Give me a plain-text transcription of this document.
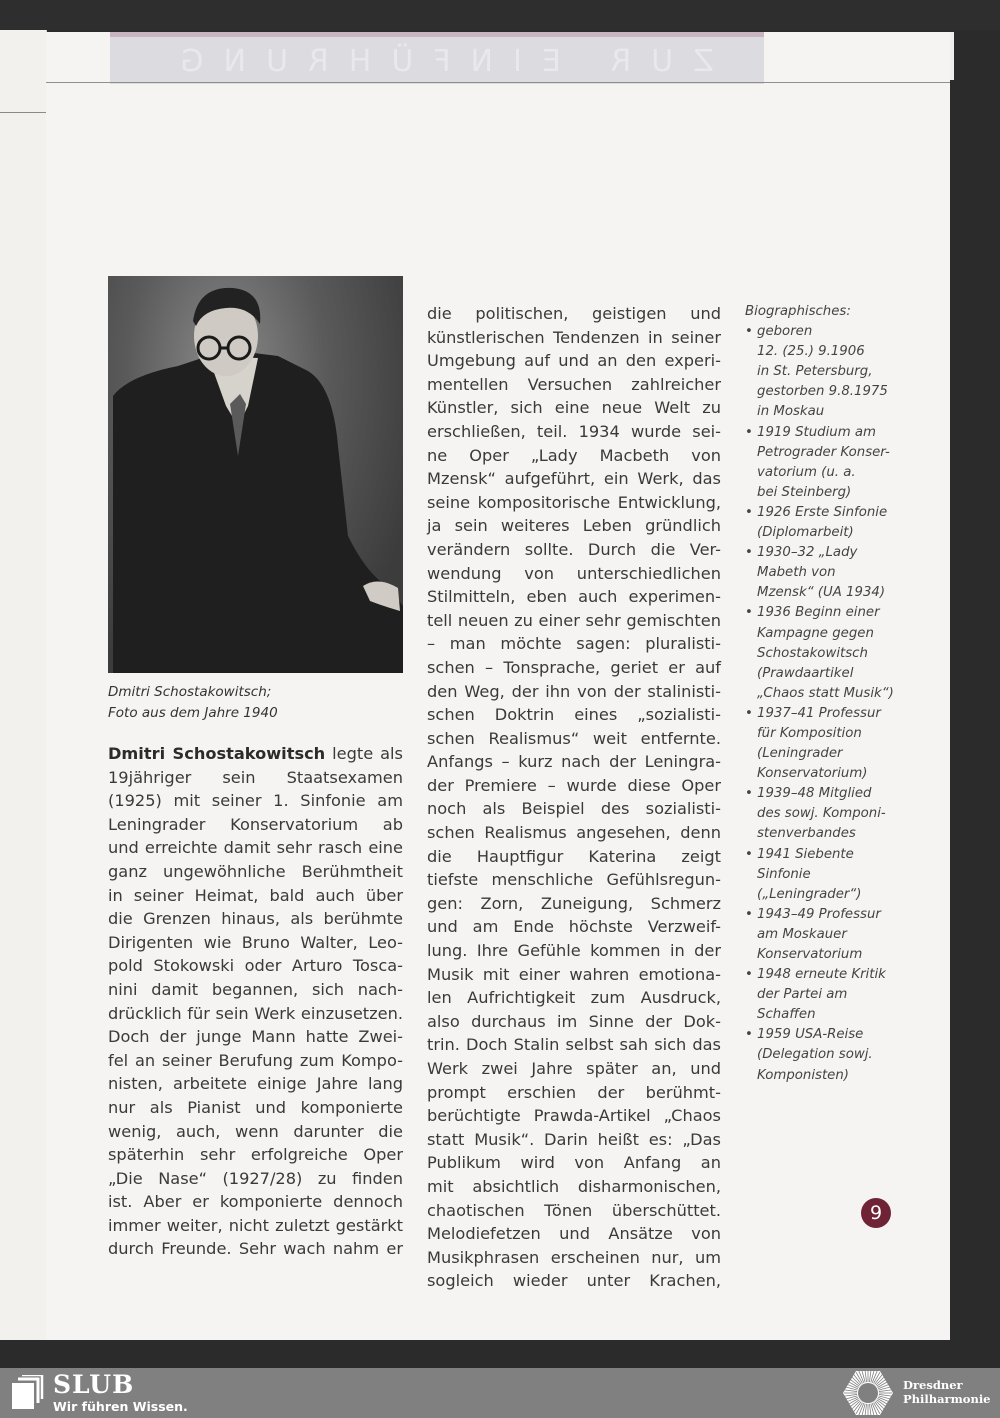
ZUR EINFÜHRUNG
Dmitri Schostakowitsch;
Foto aus dem Jahre 1940
Dmitri Schostakowitsch legte als
19jähriger sein Staatsexamen
(1925) mit seiner 1. Sinfonie am
Leningrader Konservatorium ab
und erreichte damit sehr rasch eine
ganz ungewöhnliche Berühmtheit
in seiner Heimat, bald auch über
die Grenzen hinaus, als berühmte
Dirigenten wie Bruno Walter, Leo-
pold Stokowski oder Arturo Tosca-
nini damit begannen, sich nach-
drücklich für sein Werk einzusetzen.
Doch der junge Mann hatte Zwei-
fel an seiner Berufung zum Kompo-
nisten, arbeitete einige Jahre lang
nur als Pianist und komponierte
wenig, auch, wenn darunter die
späterhin sehr erfolgreiche Oper
„Die Nase“ (1927/28) zu finden
ist. Aber er komponierte dennoch
immer weiter, nicht zuletzt gestärkt
durch Freunde. Sehr wach nahm er
die politischen, geistigen und
künstlerischen Tendenzen in seiner
Umgebung auf und an den experi-
mentellen Versuchen zahlreicher
Künstler, sich eine neue Welt zu
erschließen, teil. 1934 wurde sei-
ne Oper „Lady Macbeth von
Mzensk“ aufgeführt, ein Werk, das
seine kompositorische Entwicklung,
ja sein weiteres Leben gründlich
verändern sollte. Durch die Ver-
wendung von unterschiedlichen
Stilmitteln, eben auch experimen-
tell neuen zu einer sehr gemischten
– man möchte sagen: pluralisti-
schen – Tonsprache, geriet er auf
den Weg, der ihn von der stalinisti-
schen Doktrin eines „sozialisti-
schen Realismus“ weit entfernte.
Anfangs – kurz nach der Leningra-
der Premiere – wurde diese Oper
noch als Beispiel des sozialisti-
schen Realismus angesehen, denn
die Hauptfigur Katerina zeigt
tiefste menschliche Gefühlsregun-
gen: Zorn, Zuneigung, Schmerz
und am Ende höchste Verzweif-
lung. Ihre Gefühle kommen in der
Musik mit einer wahren emotiona-
len Aufrichtigkeit zum Ausdruck,
also durchaus im Sinne der Dok-
trin. Doch Stalin selbst sah sich das
Werk zwei Jahre später an, und
prompt erschien der berühmt-
berüchtigte Prawda-Artikel „Chaos
statt Musik“. Darin heißt es: „Das
Publikum wird von Anfang an
mit absichtlich disharmonischen,
chaotischen Tönen überschüttet.
Melodiefetzen und Ansätze von
Musikphrasen erscheinen nur, um
sogleich wieder unter Krachen,
Biographisches:
• geboren
12. (25.) 9.1906
in St. Petersburg,
gestorben 9.8.1975
in Moskau
• 1919 Studium am
Petrograder Konser-
vatorium (u. a.
bei Steinberg)
• 1926 Erste Sinfonie
(Diplomarbeit)
• 1930–32 „Lady
Mabeth von
Mzensk“ (UA 1934)
• 1936 Beginn einer
Kampagne gegen
Schostakowitsch
(Prawdaartikel
„Chaos statt Musik“)
• 1937–41 Professur
für Komposition
(Leningrader
Konservatorium)
• 1939–48 Mitglied
des sowj. Komponi-
stenverbandes
• 1941 Siebente
Sinfonie
(„Leningrader“)
• 1943–49 Professur
am Moskauer
Konservatorium
• 1948 erneute Kritik
der Partei am
Schaffen
• 1959 USA-Reise
(Delegation sowj.
Komponisten)
9
SLUB
Wir führen Wissen.
Dresdner
Philharmonie
